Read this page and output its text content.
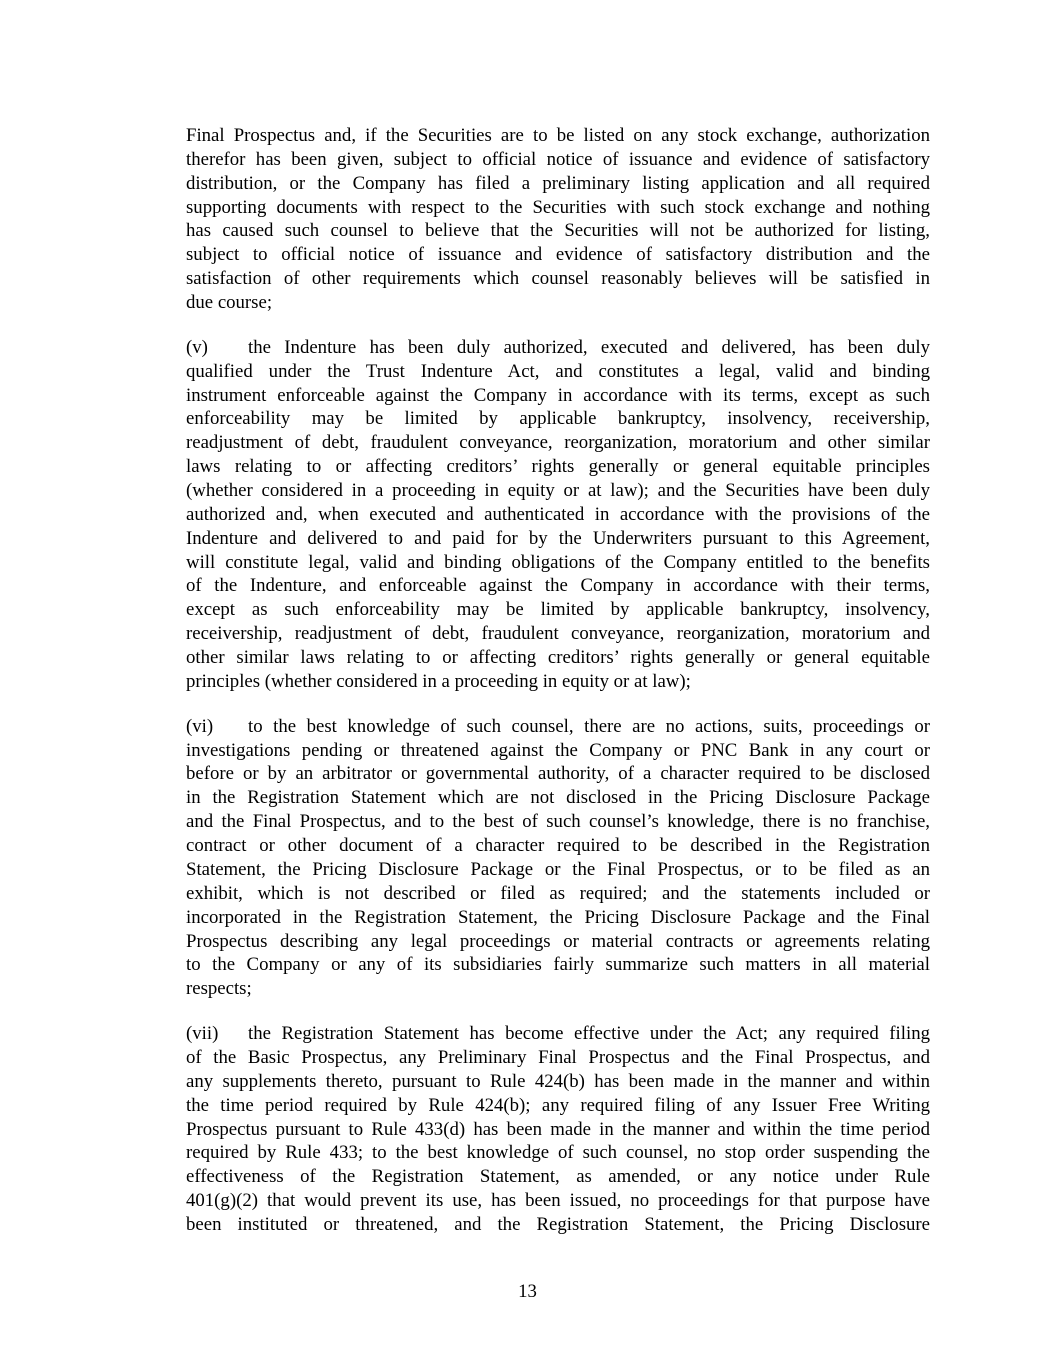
Final Prospectus and, if the Securities are to be listed on any stock exchange, authorization
therefor has been given, subject to official notice of issuance and evidence of satisfactory
distribution, or the Company has filed a preliminary listing application and all required
supporting documents with respect to the Securities with such stock exchange and nothing
has caused such counsel to believe that the Securities will not be authorized for listing,
subject to official notice of issuance and evidence of satisfactory distribution and the
satisfaction of other requirements which counsel reasonably believes will be satisfied in
due course;
(v)	the Indenture has been duly authorized, executed and delivered, has been duly
qualified under the Trust Indenture Act, and constitutes a legal, valid and binding
instrument enforceable against the Company in accordance with its terms, except as such
enforceability may be limited by applicable bankruptcy, insolvency, receivership,
readjustment of debt, fraudulent conveyance, reorganization, moratorium and other similar
laws relating to or affecting creditors’ rights generally or general equitable principles
(whether considered in a proceeding in equity or at law); and the Securities have been duly
authorized and, when executed and authenticated in accordance with the provisions of the
Indenture and delivered to and paid for by the Underwriters pursuant to this Agreement,
will constitute legal, valid and binding obligations of the Company entitled to the benefits
of the Indenture, and enforceable against the Company in accordance with their terms,
except as such enforceability may be limited by applicable bankruptcy, insolvency,
receivership, readjustment of debt, fraudulent conveyance, reorganization, moratorium and
other similar laws relating to or affecting creditors’ rights generally or general equitable
principles (whether considered in a proceeding in equity or at law);
(vi)	to the best knowledge of such counsel, there are no actions, suits, proceedings or
investigations pending or threatened against the Company or PNC Bank in any court or
before or by an arbitrator or governmental authority, of a character required to be disclosed
in the Registration Statement which are not disclosed in the Pricing Disclosure Package
and the Final Prospectus, and to the best of such counsel’s knowledge, there is no franchise,
contract or other document of a character required to be described in the Registration
Statement, the Pricing Disclosure Package or the Final Prospectus, or to be filed as an
exhibit, which is not described or filed as required; and the statements included or
incorporated in the Registration Statement, the Pricing Disclosure Package and the Final
Prospectus describing any legal proceedings or material contracts or agreements relating
to the Company or any of its subsidiaries fairly summarize such matters in all material
respects;
(vii)	the Registration Statement has become effective under the Act; any required filing
of the Basic Prospectus, any Preliminary Final Prospectus and the Final Prospectus, and
any supplements thereto, pursuant to Rule 424(b) has been made in the manner and within
the time period required by Rule 424(b); any required filing of any Issuer Free Writing
Prospectus pursuant to Rule 433(d) has been made in the manner and within the time period
required by Rule 433; to the best knowledge of such counsel, no stop order suspending the
effectiveness of the Registration Statement, as amended, or any notice under Rule
401(g)(2) that would prevent its use, has been issued, no proceedings for that purpose have
been instituted or threatened, and the Registration Statement, the Pricing Disclosure
13
